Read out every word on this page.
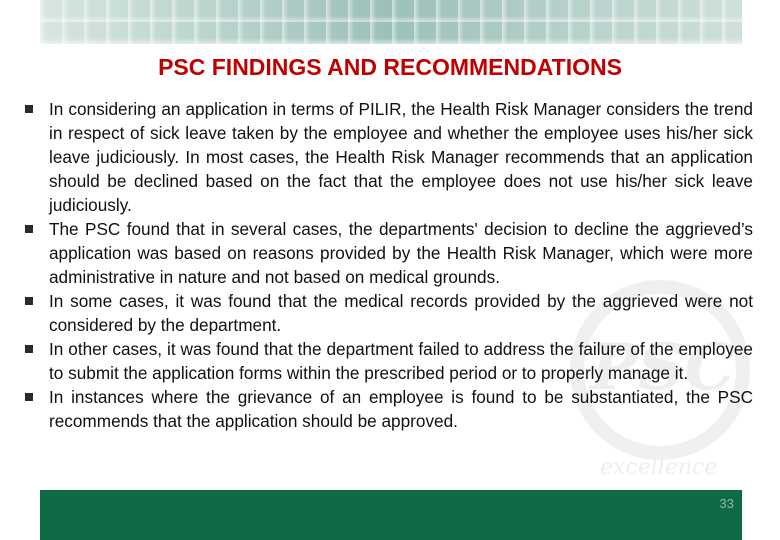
PSC
excellence
PSC FINDINGS AND RECOMMENDATIONS
In considering an application in terms of PILIR, the Health Risk Manager considers the trend in respect of sick leave taken by the employee and whether the employee uses his/her sick leave judiciously. In most cases, the Health Risk Manager recommends that an application should be declined based on the fact that the employee does not use his/her sick leave judiciously.
The PSC found that in several cases, the departments' decision to decline the aggrieved’s application was based on reasons provided by the Health Risk Manager, which were more administrative in nature and not based on medical grounds.
In some cases, it was found that the medical records provided by the aggrieved were not considered by the department.
In other cases, it was found that the department failed to address the failure of the employee to submit the application forms within the prescribed period or to properly manage it.
In instances where the grievance of an employee is found to be substantiated, the PSC recommends that the application should be approved.
33
